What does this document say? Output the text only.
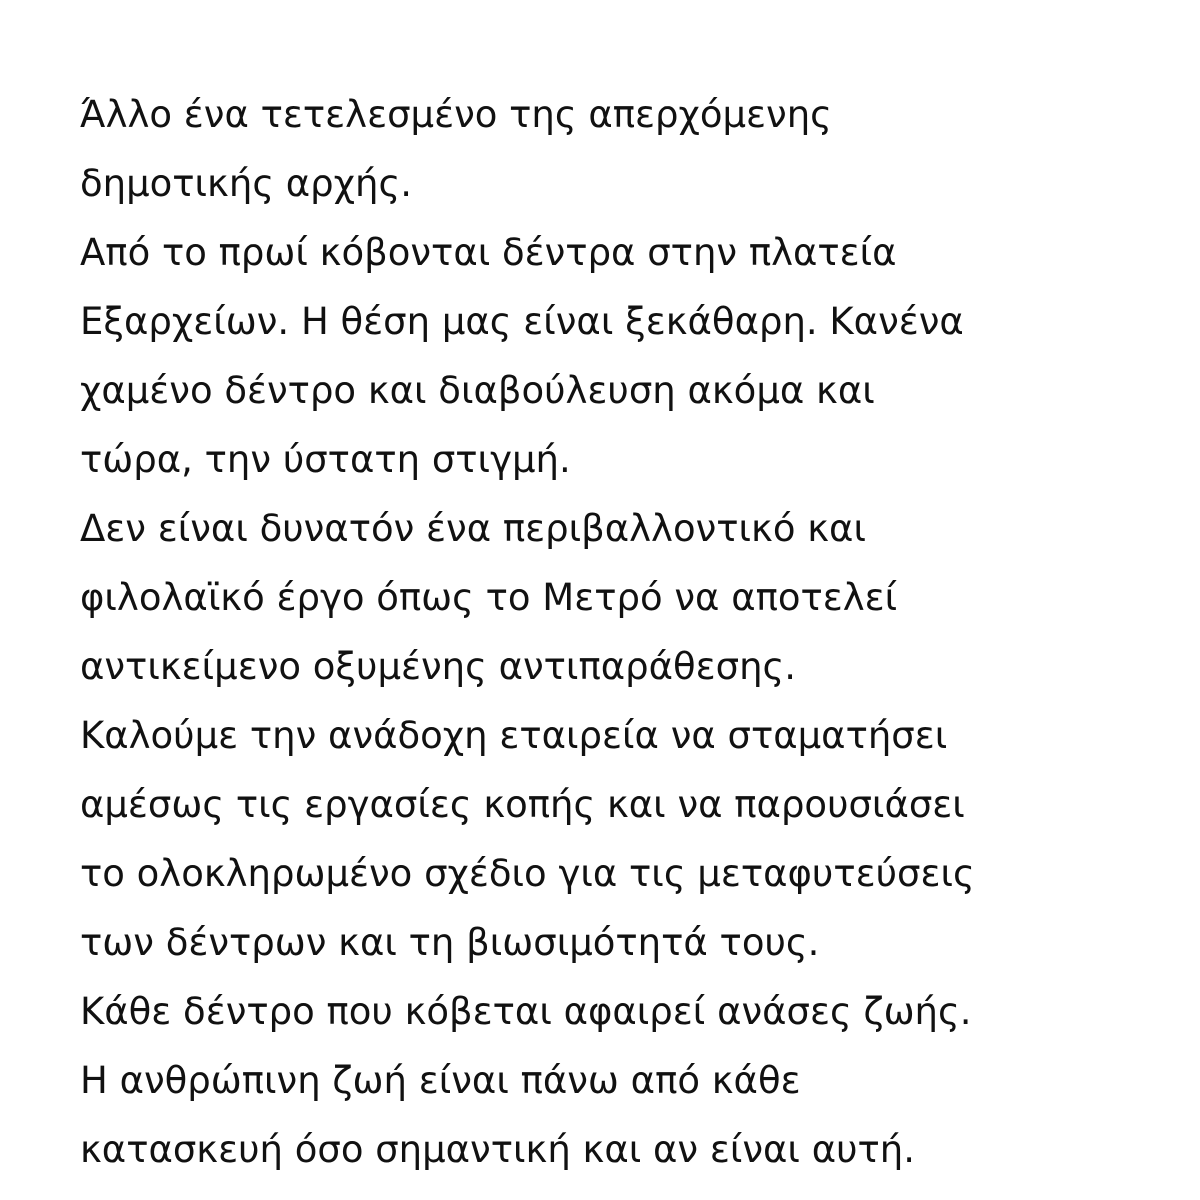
Άλλο ένα τετελεσμένο της απερχόμενης
δημοτικής αρχής.
Από το πρωί κόβονται δέντρα στην πλατεία
Εξαρχείων. Η θέση μας είναι ξεκάθαρη. Κανένα
χαμένο δέντρο και διαβούλευση ακόμα και
τώρα, την ύστατη στιγμή.
Δεν είναι δυνατόν ένα περιβαλλοντικό και
φιλολαϊκό έργο όπως το Μετρό να αποτελεί
αντικείμενο οξυμένης αντιπαράθεσης.
Καλούμε την ανάδοχη εταιρεία να σταματήσει
αμέσως τις εργασίες κοπής και να παρουσιάσει
το ολοκληρωμένο σχέδιο για τις μεταφυτεύσεις
των δέντρων και τη βιωσιμότητά τους.
Κάθε δέντρο που κόβεται αφαιρεί ανάσες ζωής.
Η ανθρώπινη ζωή είναι πάνω από κάθε
κατασκευή όσο σημαντική και αν είναι αυτή.
